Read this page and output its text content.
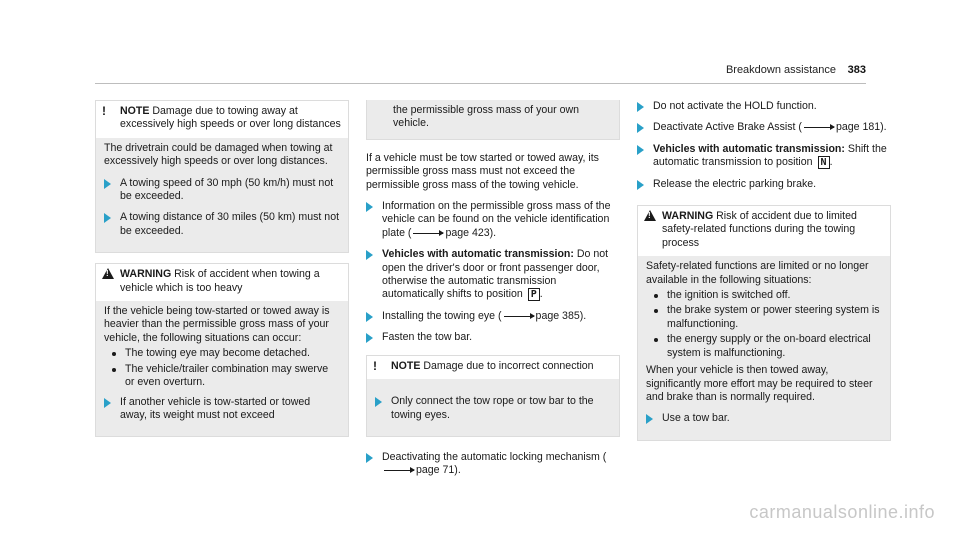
Breakdown assistance 383
!	NOTE Damage due to towing away at excessively high speeds or over long distances

The drivetrain could be damaged when towing at excessively high speeds or over long distances.

A towing speed of 30 mph (50 km/h) must not be exceeded.
A towing distance of 30 miles (50 km) must not be exceeded.
!
WARNING Risk of accident when towing a vehicle which is too heavy

If the vehicle being tow-started or towed away is heavier than the permissible gross mass of your vehicle, the following situations can occur:

The towing eye may become detached.
The vehicle/trailer combination may swerve or even overturn.
If another vehicle is tow-started or towed away, its weight must not exceed

the permissible gross mass of your own vehicle.

If a vehicle must be tow started or towed away, its permissible gross mass must not exceed the permissible gross mass of the towing vehicle.

Information on the permissible gross mass of the vehicle can be found on the vehicle identification plate (	page 423).
Vehicles with automatic transmission: Do not open the driver's door or front passenger door, otherwise the automatic transmission automatically shifts to position P .
Installing the towing eye (	page 385).
Fasten the tow bar.
!	NOTE Damage due to incorrect connection
Only connect the tow rope or tow bar to the towing eyes.
Deactivating the automatic locking mechanism (page 71).
Do not activate the HOLD function.
Deactivate Active Brake Assist (	page 181).
Vehicles with automatic transmission: Shift the automatic transmission to position N .
Release the electric parking brake.
!
WARNING Risk of accident due to limited safety-related functions during the towing process

Safety-related functions are limited or no longer available in the following situations:

the ignition is switched off.
the brake system or power steering system is malfunctioning.
the energy supply or the on-board electrical system is malfunctioning.

When your vehicle is then towed away, significantly more effort may be required to steer and brake than is normally required.

Use a tow bar.
carmanualsonline.info
